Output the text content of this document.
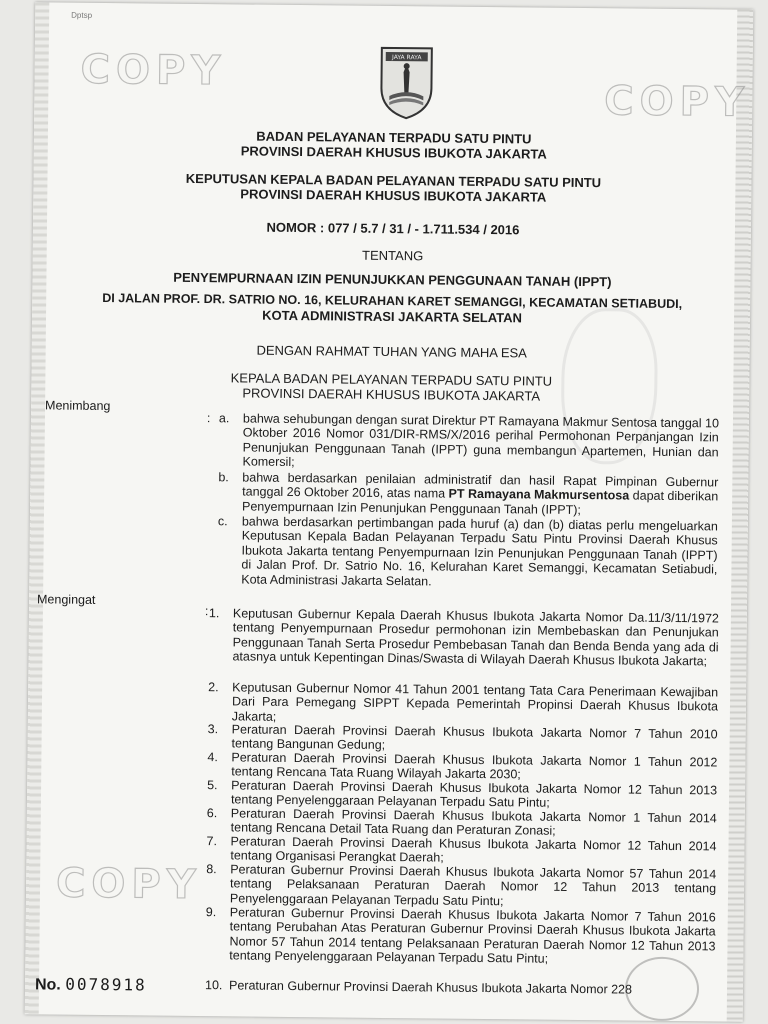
Dptsp
COPY
COPY
COPY
JAYA RAYA
BADAN PELAYANAN TERPADU SATU PINTU
PROVINSI DAERAH KHUSUS IBUKOTA JAKARTA
KEPUTUSAN KEPALA BADAN PELAYANAN TERPADU SATU PINTU
PROVINSI DAERAH KHUSUS IBUKOTA JAKARTA
NOMOR : 077 / 5.7 / 31 / - 1.711.534 / 2016
TENTANG
PENYEMPURNAAN IZIN PENUNJUKKAN PENGGUNAAN TANAH (IPPT)
DI JALAN PROF. DR. SATRIO NO. 16, KELURAHAN KARET SEMANGGI, KECAMATAN SETIABUDI,
KOTA ADMINISTRASI JAKARTA SELATAN
DENGAN RAHMAT TUHAN YANG MAHA ESA
KEPALA BADAN PELAYANAN TERPADU SATU PINTU
PROVINSI DAERAH KHUSUS IBUKOTA JAKARTA
Menimbang
: a. bahwa sehubungan dengan surat Direktur PT Ramayana Makmur Sentosa tanggal 10 Oktober 2016 Nomor 031/DIR-RMS/X/2016 perihal Permohonan Perpanjangan Izin Penunjukan Penggunaan Tanah (IPPT) guna membangun Apartemen, Hunian dan Komersil;
b. bahwa berdasarkan penilaian administratif dan hasil Rapat Pimpinan Gubernur tanggal 26 Oktober 2016, atas nama PT Ramayana Makmursentosa dapat diberikan Penyempurnaan Izin Penunjukan Penggunaan Tanah (IPPT);
c. bahwa berdasarkan pertimbangan pada huruf (a) dan (b) diatas perlu mengeluarkan Keputusan Kepala Badan Pelayanan Terpadu Satu Pintu Provinsi Daerah Khusus Ibukota Jakarta tentang Penyempurnaan Izin Penunjukan Penggunaan Tanah (IPPT) di Jalan Prof. Dr. Satrio No. 16, Kelurahan Karet Semanggi, Kecamatan Setiabudi, Kota Administrasi Jakarta Selatan.
Mengingat
: 1. Keputusan Gubernur Kepala Daerah Khusus Ibukota Jakarta Nomor Da.11/3/11/1972 tentang Penyempurnaan Prosedur permohonan izin Membebaskan dan Penunjukan Penggunaan Tanah Serta Prosedur Pembebasan Tanah dan Benda Benda yang ada di atasnya untuk Kepentingan Dinas/Swasta di Wilayah Daerah Khusus Ibukota Jakarta;
2. Keputusan Gubernur Nomor 41 Tahun 2001 tentang Tata Cara Penerimaan Kewajiban Dari Para Pemegang SIPPT Kepada Pemerintah Propinsi Daerah Khusus Ibukota Jakarta;
3. Peraturan Daerah Provinsi Daerah Khusus Ibukota Jakarta Nomor 7 Tahun 2010 tentang Bangunan Gedung;
4. Peraturan Daerah Provinsi Daerah Khusus Ibukota Jakarta Nomor 1 Tahun 2012 tentang Rencana Tata Ruang Wilayah Jakarta 2030;
5. Peraturan Daerah Provinsi Daerah Khusus Ibukota Jakarta Nomor 12 Tahun 2013 tentang Penyelenggaraan Pelayanan Terpadu Satu Pintu;
6. Peraturan Daerah Provinsi Daerah Khusus Ibukota Jakarta Nomor 1 Tahun 2014 tentang Rencana Detail Tata Ruang dan Peraturan Zonasi;
7. Peraturan Daerah Provinsi Daerah Khusus Ibukota Jakarta Nomor 12 Tahun 2014 tentang Organisasi Perangkat Daerah;
8. Peraturan Gubernur Provinsi Daerah Khusus Ibukota Jakarta Nomor 57 Tahun 2014 tentang Pelaksanaan Peraturan Daerah Nomor 12 Tahun 2013 tentang Penyelenggaraan Pelayanan Terpadu Satu Pintu;
9. Peraturan Gubernur Provinsi Daerah Khusus Ibukota Jakarta Nomor 7 Tahun 2016 tentang Perubahan Atas Peraturan Gubernur Provinsi Daerah Khusus Ibukota Jakarta Nomor 57 Tahun 2014 tentang Pelaksanaan Peraturan Daerah Nomor 12 Tahun 2013 tentang Penyelenggaraan Pelayanan Terpadu Satu Pintu;
10. Peraturan Gubernur Provinsi Daerah Khusus Ibukota Jakarta Nomor 228
No. 0078918
